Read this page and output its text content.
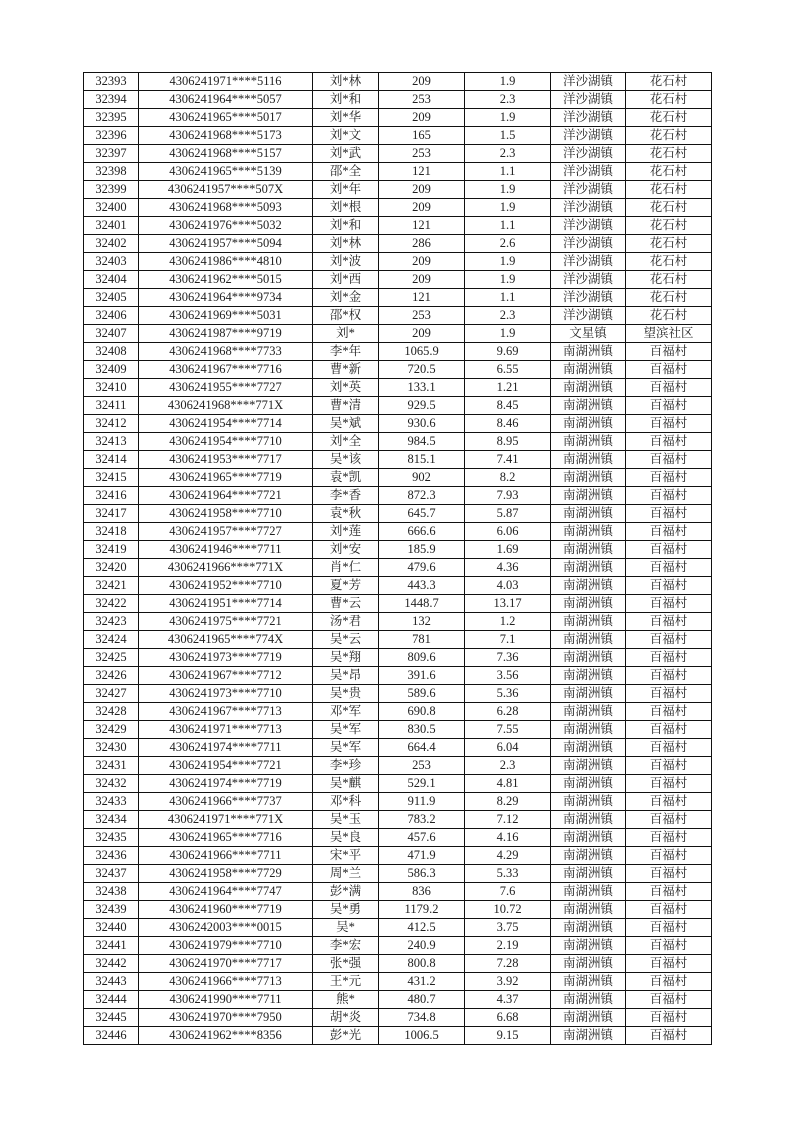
32393	4306241971****5116	刘*林	209	1.9	洋沙湖镇	花石村
32394	4306241964****5057	刘*和	253	2.3	洋沙湖镇	花石村
32395	4306241965****5017	刘*华	209	1.9	洋沙湖镇	花石村
32396	4306241968****5173	刘*文	165	1.5	洋沙湖镇	花石村
32397	4306241968****5157	刘*武	253	2.3	洋沙湖镇	花石村
32398	4306241965****5139	邵*全	121	1.1	洋沙湖镇	花石村
32399	4306241957****507X	刘*年	209	1.9	洋沙湖镇	花石村
32400	4306241968****5093	刘*根	209	1.9	洋沙湖镇	花石村
32401	4306241976****5032	刘*和	121	1.1	洋沙湖镇	花石村
32402	4306241957****5094	刘*林	286	2.6	洋沙湖镇	花石村
32403	4306241986****4810	刘*波	209	1.9	洋沙湖镇	花石村
32404	4306241962****5015	刘*西	209	1.9	洋沙湖镇	花石村
32405	4306241964****9734	刘*金	121	1.1	洋沙湖镇	花石村
32406	4306241969****5031	邵*权	253	2.3	洋沙湖镇	花石村
32407	4306241987****9719	刘*	209	1.9	文星镇	望滨社区
32408	4306241968****7733	李*年	1065.9	9.69	南湖洲镇	百福村
32409	4306241967****7716	曹*新	720.5	6.55	南湖洲镇	百福村
32410	4306241955****7727	刘*英	133.1	1.21	南湖洲镇	百福村
32411	4306241968****771X	曹*清	929.5	8.45	南湖洲镇	百福村
32412	4306241954****7714	吴*斌	930.6	8.46	南湖洲镇	百福村
32413	4306241954****7710	刘*全	984.5	8.95	南湖洲镇	百福村
32414	4306241953****7717	吴*该	815.1	7.41	南湖洲镇	百福村
32415	4306241965****7719	袁*凯	902	8.2	南湖洲镇	百福村
32416	4306241964****7721	李*香	872.3	7.93	南湖洲镇	百福村
32417	4306241958****7710	袁*秋	645.7	5.87	南湖洲镇	百福村
32418	4306241957****7727	刘*莲	666.6	6.06	南湖洲镇	百福村
32419	4306241946****7711	刘*安	185.9	1.69	南湖洲镇	百福村
32420	4306241966****771X	肖*仁	479.6	4.36	南湖洲镇	百福村
32421	4306241952****7710	夏*芳	443.3	4.03	南湖洲镇	百福村
32422	4306241951****7714	曹*云	1448.7	13.17	南湖洲镇	百福村
32423	4306241975****7721	汤*君	132	1.2	南湖洲镇	百福村
32424	4306241965****774X	吴*云	781	7.1	南湖洲镇	百福村
32425	4306241973****7719	吴*翔	809.6	7.36	南湖洲镇	百福村
32426	4306241967****7712	吴*昂	391.6	3.56	南湖洲镇	百福村
32427	4306241973****7710	吴*贵	589.6	5.36	南湖洲镇	百福村
32428	4306241967****7713	邓*军	690.8	6.28	南湖洲镇	百福村
32429	4306241971****7713	吴*军	830.5	7.55	南湖洲镇	百福村
32430	4306241974****7711	吴*军	664.4	6.04	南湖洲镇	百福村
32431	4306241954****7721	李*珍	253	2.3	南湖洲镇	百福村
32432	4306241974****7719	吴*麒	529.1	4.81	南湖洲镇	百福村
32433	4306241966****7737	邓*科	911.9	8.29	南湖洲镇	百福村
32434	4306241971****771X	吴*玉	783.2	7.12	南湖洲镇	百福村
32435	4306241965****7716	吴*良	457.6	4.16	南湖洲镇	百福村
32436	4306241966****7711	宋*平	471.9	4.29	南湖洲镇	百福村
32437	4306241958****7729	周*兰	586.3	5.33	南湖洲镇	百福村
32438	4306241964****7747	彭*满	836	7.6	南湖洲镇	百福村
32439	4306241960****7719	吴*勇	1179.2	10.72	南湖洲镇	百福村
32440	4306242003****0015	吴*	412.5	3.75	南湖洲镇	百福村
32441	4306241979****7710	李*宏	240.9	2.19	南湖洲镇	百福村
32442	4306241970****7717	张*强	800.8	7.28	南湖洲镇	百福村
32443	4306241966****7713	王*元	431.2	3.92	南湖洲镇	百福村
32444	4306241990****7711	熊*	480.7	4.37	南湖洲镇	百福村
32445	4306241970****7950	胡*炎	734.8	6.68	南湖洲镇	百福村
32446	4306241962****8356	彭*光	1006.5	9.15	南湖洲镇	百福村
